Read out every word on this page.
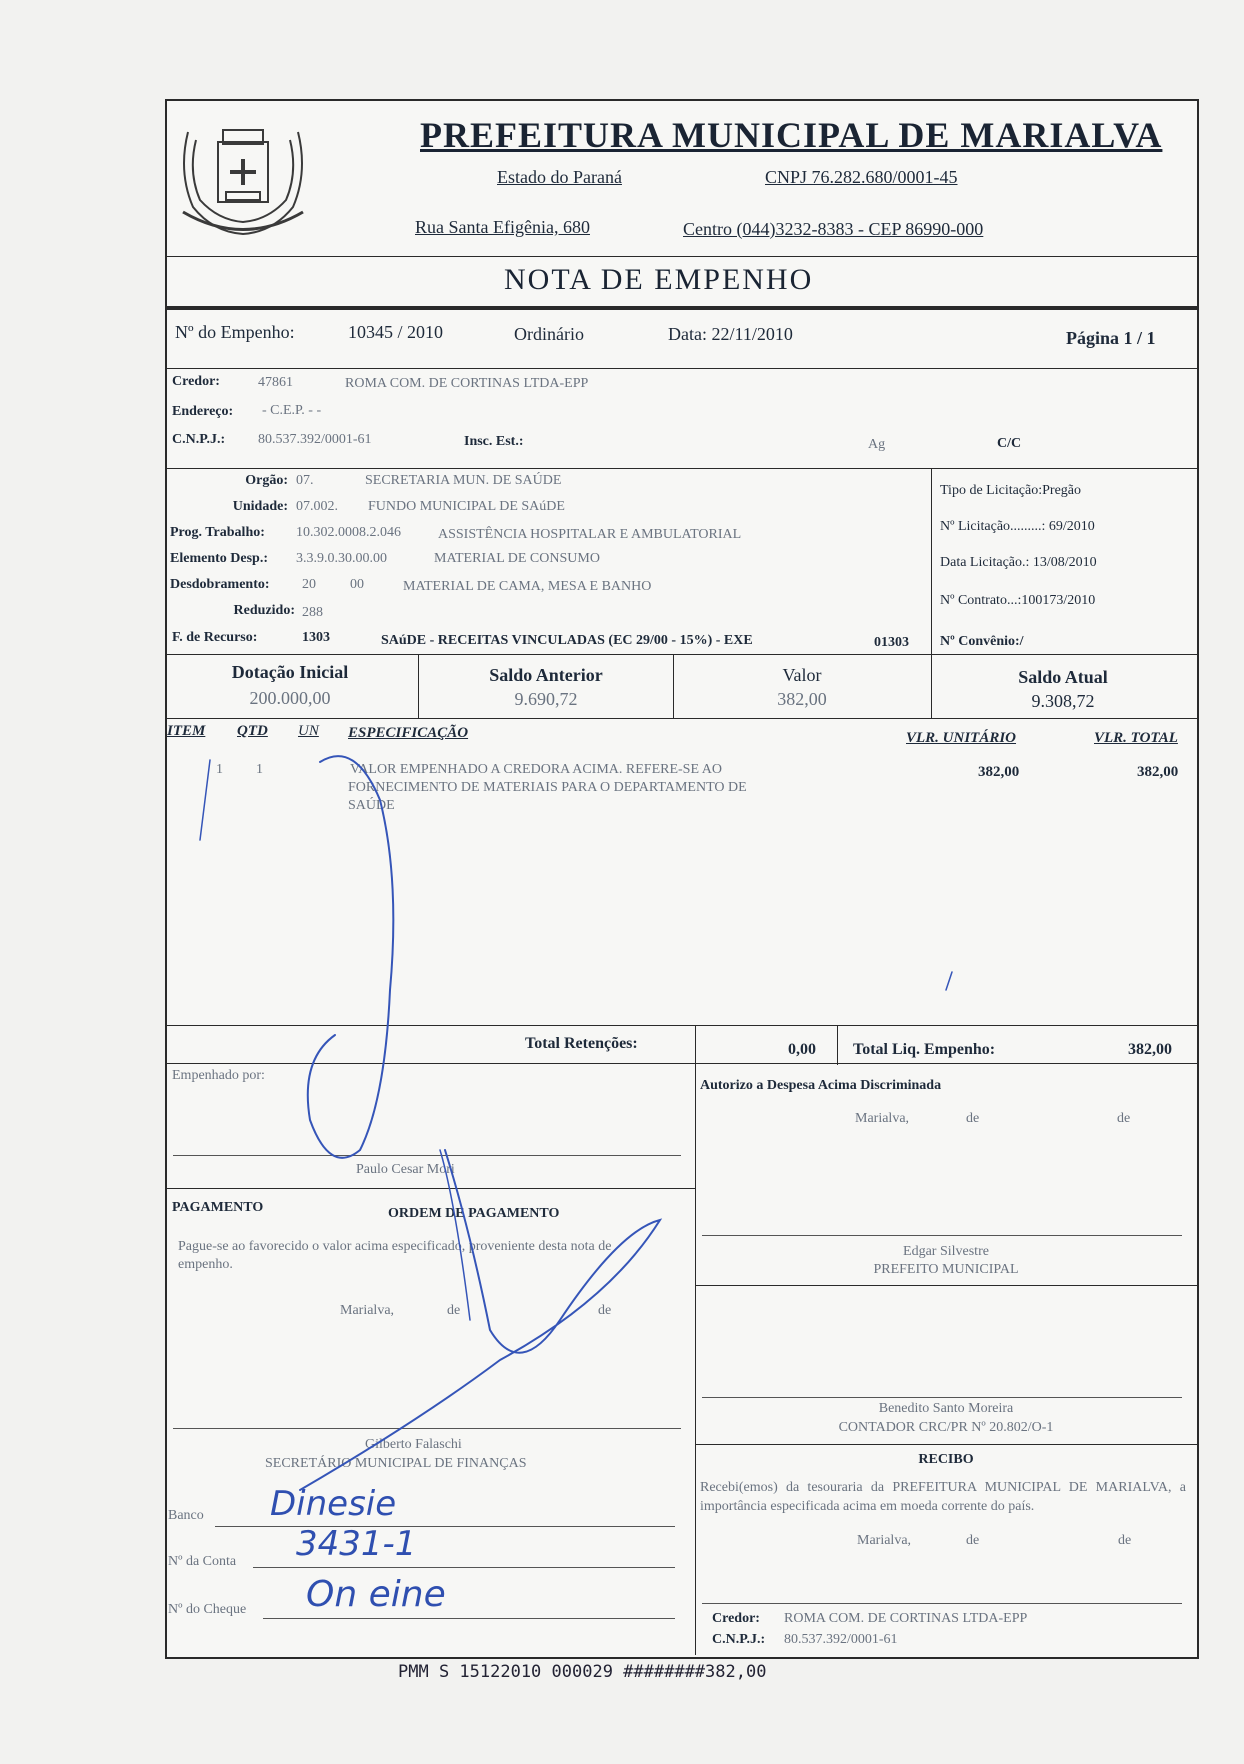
PREFEITURA MUNICIPAL DE MARIALVA
Estado do Paraná	CNPJ 76.282.680/0001-45
Rua Santa Efigênia, 680	Centro (044)3232-8383 - CEP 86990-000
NOTA DE EMPENHO
Nº do Empenho:	10345 / 2010	Ordinário	Data: 22/11/2010	Página 1 / 1
Credor:	47861	ROMA COM. DE CORTINAS LTDA-EPP
Endereço: - C.E.P. - -
C.N.P.J.: 80.537.392/0001-61	Insc. Est.:	Ag	C/C
Orgão: 07.	SECRETARIA MUN. DE SAÚDE
Unidade: 07.002. FUNDO MUNICIPAL DE SAúDE
Prog. Trabalho: 10.302.0008.2.046	ASSISTÊNCIA HOSPITALAR E AMBULATORIAL
Elemento Desp.: 3.3.9.0.30.00.00	MATERIAL DE CONSUMO
Desdobramento: 20 00	MATERIAL DE CAMA, MESA E BANHO
Reduzido: 288
F. de Recurso:	1303	SAúDE - RECEITAS VINCULADAS (EC 29/00 - 15%) - EXE	01303
Tipo de Licitação:Pregão
Nº Licitação.........: 69/2010
Data Licitação.: 13/08/2010
Nº Contrato...:100173/2010
Nº Convênio:/
Dotação Inicial
200.000,00
Saldo Anterior
9.690,72
Valor
382,00
Saldo Atual
9.308,72
ITEM QTD UN ESPECIFICAÇÃO	VLR. UNITÁRIO	VLR. TOTAL
1 1	VALOR EMPENHADO A CREDORA ACIMA. REFERE-SE AO
FORNECIMENTO DE MATERIAIS PARA O DEPARTAMENTO DE
SAÚDE
382,00	382,00
Total Retenções:	0,00 Total Liq. Empenho:	382,00
Empenhado por:
Paulo Cesar Mori
PAGAMENTO	ORDEM DE PAGAMENTO
Pague-se ao favorecido o valor acima especificado, proveniente desta nota de empenho.
Marialva,	de	de
Gilberto Falaschi
SECRETÁRIO MUNICIPAL DE FINANÇAS
Banco Dinesie
Nº da Conta 3431-1
Nº do Cheque On eine
Autorizo a Despesa Acima Discriminada
Marialva,	de	de
Edgar Silvestre
PREFEITO MUNICIPAL
Benedito Santo Moreira
CONTADOR CRC/PR Nº 20.802/O-1
RECIBO
Recebi(emos) da tesouraria da PREFEITURA MUNICIPAL DE MARIALVA, a importância especificada acima em moeda corrente do país.
Marialva,	de	de
Credor: ROMA COM. DE CORTINAS LTDA-EPP
C.N.P.J.: 80.537.392/0001-61
PMM S 15122010 000029 ########382,00
